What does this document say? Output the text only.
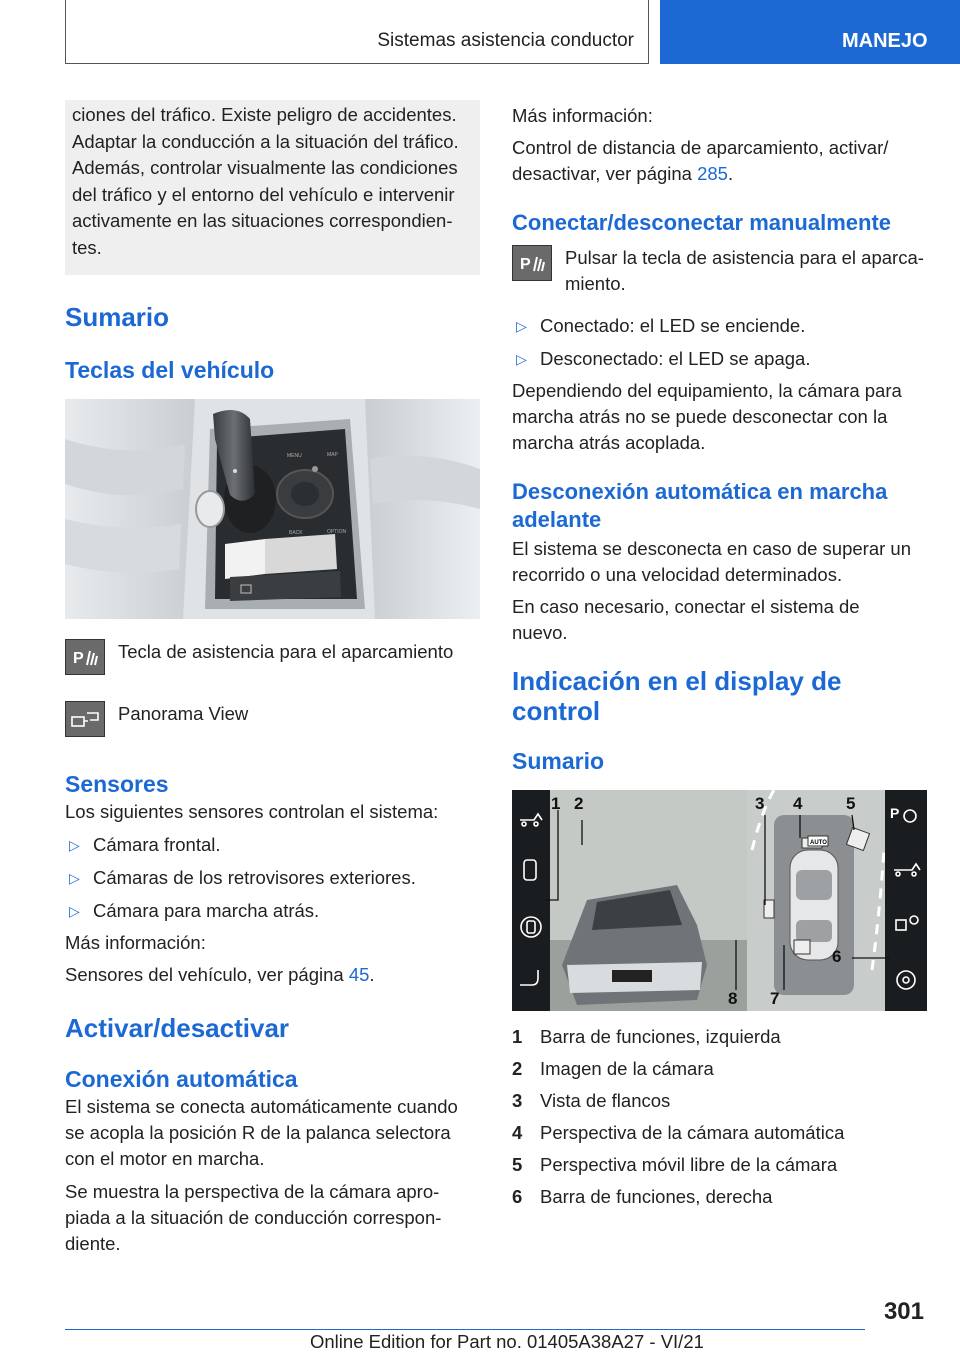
Sistemas asistencia conductor	MANEJO

ciones del tráfico. Existe peligro de accidentes.

Adaptar la conducción a la situación del tráfico.

Además, controlar visualmente las condiciones

del tráfico y el entorno del vehículo e intervenir

activamente en las situaciones correspondien-

tes.

Sumario
Teclas del vehículo
MENU	MAP
BACK	OPTION
P Tecla de asistencia para el aparcamiento
Panorama View
Sensores

Los siguientes sensores controlan el sistema:

▷ Cámara frontal.
▷ Cámaras de los retrovisores exteriores.
▷ Cámara para marcha atrás.

Más información:

Sensores del vehículo, ver página 45.

Activar/desactivar
Conexión automática

El sistema se conecta automáticamente cuando

se acopla la posición R de la palanca selectora

con el motor en marcha.

Se muestra la perspectiva de la cámara apro-

piada a la situación de conducción correspon-

diente.

Más información:

Control de distancia de aparcamiento, activar/

desactivar, ver página 285.

Conectar/desconectar manualmente
P Pulsar la tecla de asistencia para el aparca-
miento.
▷ Conectado: el LED se enciende.
▷ Desconectado: el LED se apaga.

Dependiendo del equipamiento, la cámara para

marcha atrás no se puede desconectar con la

marcha atrás acoplada.

Desconexión automática en marcha
adelante

El sistema se desconecta en caso de superar un

recorrido o una velocidad determinados.

En caso necesario, conectar el sistema de

nuevo.

Indicación en el display de
control
Sumario
AUTO
P
1 2	3 4	5
6
7
8
1 Barra de funciones, izquierda
2 Imagen de la cámara
3 Vista de flancos
4 Perspectiva de la cámara automática
5 Perspectiva móvil libre de la cámara
6 Barra de funciones, derecha
301
Online Edition for Part no. 01405A38A27 - VI/21
